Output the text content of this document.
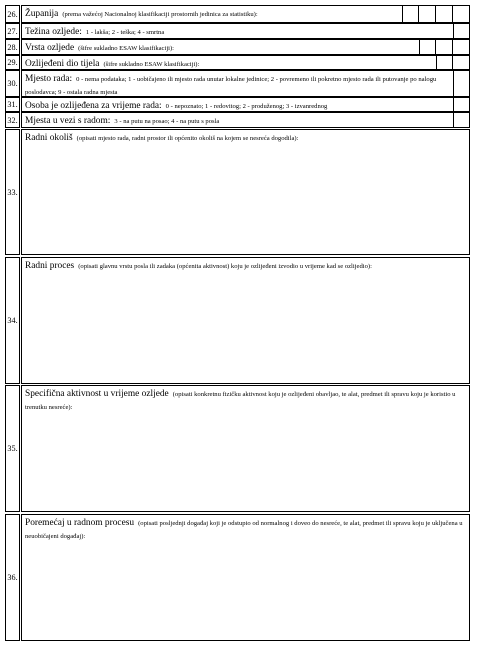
26. Županija (prema važećoj Nacionalnoj klasifikaciji prostornih jedinica za statistiku):
27. Težina ozljede: 1 - lakša; 2 - teška; 4 - smrtna
28. Vrsta ozljede (šifre sukladno ESAW klasifikaciji):
29. Ozlijeđeni dio tijela (šifre sukladno ESAW klasifikaciji):
30. Mjesto rada: 0 - nema podataka; 1 - uobičajeno ili mjesto rada unutar lokalne jedinice; 2 - povremeno ili pokretno mjesto rada ili putovanje po nalogu poslodavca; 9 - ostala radna mjesta
31. Osoba je ozlijeđena za vrijeme rada: 0 - nepoznato; 1 - redovitog; 2 - produženog; 3 - izvanrednog
32. Mjesta u vezi s radom: 3 - na putu na posao; 4 - na putu s posla
33.
Radni okoliš (opisati mjesto rada, radni prostor ili općenito okoliš na kojem se nesreća dogodila):
34.
Radni proces (opisati glavnu vrstu posla ili zadaka (općenita aktivnost) koju je ozlijeđeni izvodio u vrijeme kad se ozlijedio):
35.
Specifična aktivnost u vrijeme ozljede (opisati konkretnu fizičku aktivnost koju je ozlijeđeni obavljao, te alat, predmet ili spravu koju je koristio u trenutku nesreće):
36.
Poremećaj u radnom procesu (opisati posljednji događaj koji je odstupio od normalnog i doveo do nesreće, te alat, predmet ili spravu koju je uključena u neuobičajeni događaj):
